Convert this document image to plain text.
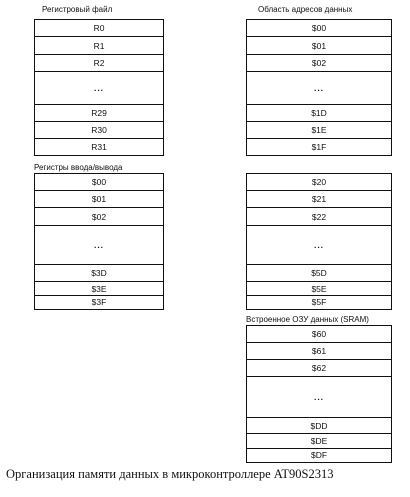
Регистровый файл	Область адресов данных
Регистры ввода/вывода
Встроенное ОЗУ данных (SRAM)
R0
R1
R2
...
R29
R30
R31
$00
$01
$02
...
$1D
$1E
$1F
$00
$01
$02
...
$3D
$3E
$3F
$20
$21
$22
...
$5D
$5E
$5F
$60
$61
$62
...
$DD
$DE
$DF
Организация памяти данных в микроконтроллере AT90S2313
